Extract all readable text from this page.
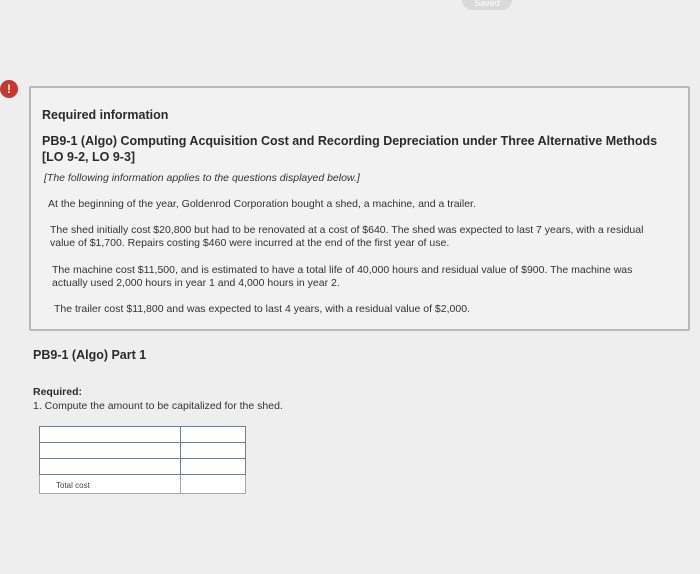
Saved
!
Required information
PB9-1 (Algo) Computing Acquisition Cost and Recording Depreciation under Three Alternative Methods [LO 9-2, LO 9-3]
[The following information applies to the questions displayed below.]
At the beginning of the year, Goldenrod Corporation bought a shed, a machine, and a trailer.
The shed initially cost $20,800 but had to be renovated at a cost of $640. The shed was expected to last 7 years, with a residual value of $1,700. Repairs costing $460 were incurred at the end of the first year of use.
The machine cost $11,500, and is estimated to have a total life of 40,000 hours and residual value of $900. The machine was actually used 2,000 hours in year 1 and 4,000 hours in year 2.
The trailer cost $11,800 and was expected to last 4 years, with a residual value of $2,000.
PB9-1 (Algo) Part 1
Required:
1. Compute the amount to be capitalized for the shed.

Total cost	
